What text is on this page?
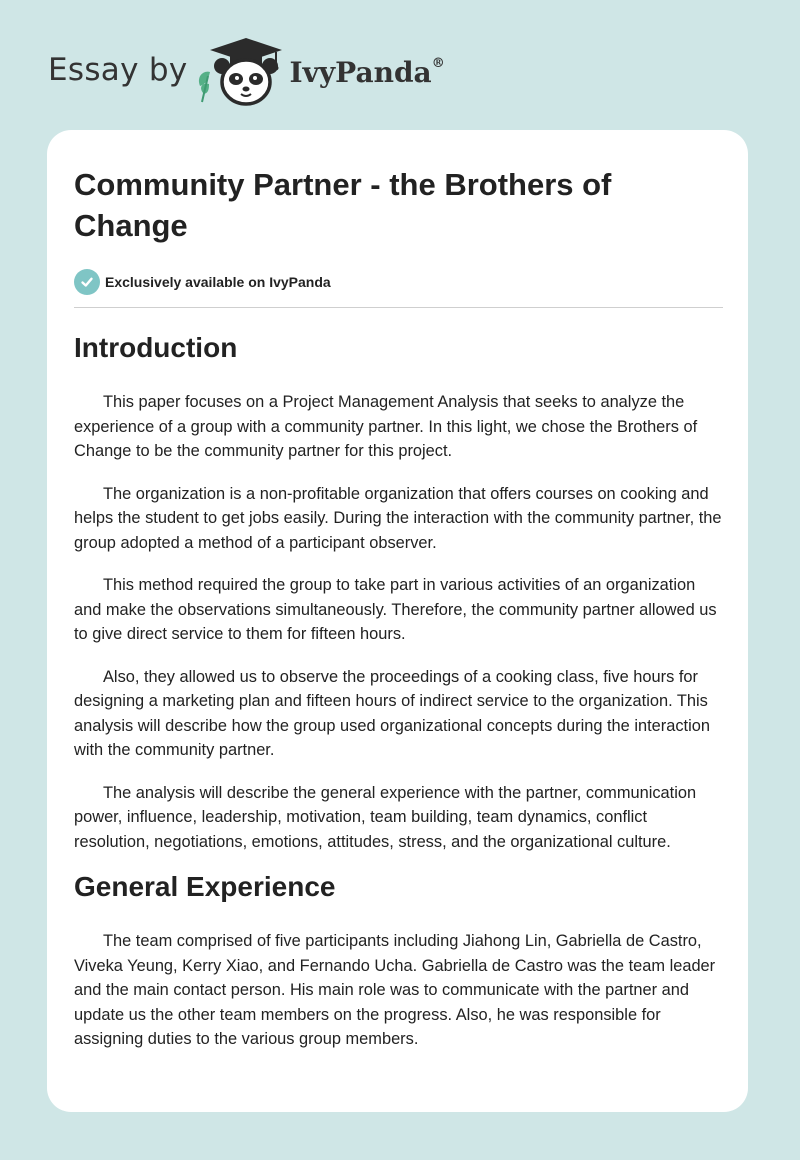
Essay by	IvyPanda®
Community Partner - the Brothers of Change
Exclusively available on IvyPanda
Introduction

This paper focuses on a Project Management Analysis that seeks to analyze the experience of a group with a community partner. In this light, we chose the Brothers of Change to be the community partner for this project.

The organization is a non-profitable organization that offers courses on cooking and helps the student to get jobs easily. During the interaction with the community partner, the group adopted a method of a participant observer.

This method required the group to take part in various activities of an organization and make the observations simultaneously. Therefore, the community partner allowed us to give direct service to them for fifteen hours.

Also, they allowed us to observe the proceedings of a cooking class, five hours for designing a marketing plan and fifteen hours of indirect service to the organization. This analysis will describe how the group used organizational concepts during the interaction with the community partner.

The analysis will describe the general experience with the partner, communication power, influence, leadership, motivation, team building, team dynamics, conflict resolution, negotiations, emotions, attitudes, stress, and the organizational culture.

General Experience

The team comprised of five participants including Jiahong Lin, Gabriella de Castro, Viveka Yeung, Kerry Xiao, and Fernando Ucha. Gabriella de Castro was the team leader and the main contact person. His main role was to communicate with the partner and update us the other team members on the progress. Also, he was responsible for assigning duties to the various group members.
